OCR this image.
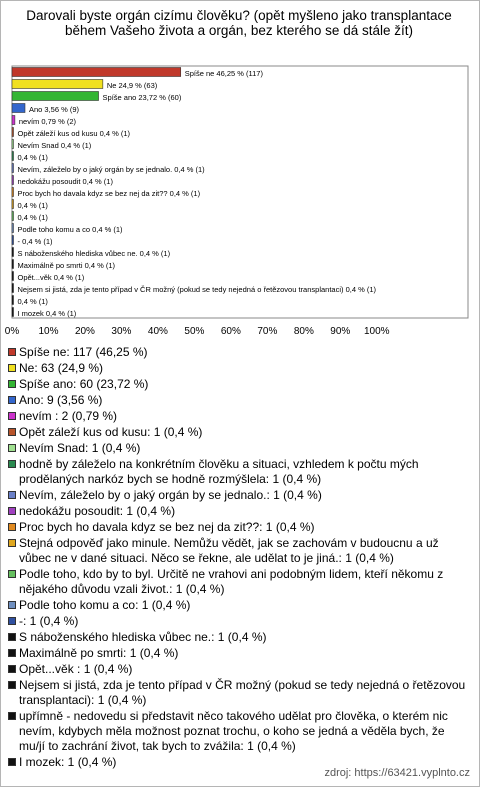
Darovali byste orgán cizímu člověku? (opět myšleno jako transplantace během Vašeho života a orgán, bez kterého se dá stále žít)
Spíše ne 46,25 % (117)
Ne 24,9 % (63)
Spíše ano 23,72 % (60)
Ano 3,56 % (9)
nevím 0,79 % (2)
Opět záleží kus od kusu 0,4 % (1)
Nevím Snad 0,4 % (1)
0,4 % (1)
Nevím, záleželo by o jaký orgán by se jednalo. 0,4 % (1)
nedokážu posoudit 0,4 % (1)
Proc bych ho davala kdyz se bez nej da zit?? 0,4 % (1)
0,4 % (1)
0,4 % (1)
Podle toho komu a co 0,4 % (1)
- 0,4 % (1)
S náboženského hlediska vůbec ne. 0,4 % (1)
Maximálně po smrti 0,4 % (1)
Opět...věk 0,4 % (1)
Nejsem si jistá, zda je tento případ v ČR možný (pokud se tedy nejedná o řetězovou transplantaci) 0,4 % (1)
0,4 % (1)
I mozek 0,4 % (1)
0% 10% 20% 30% 40% 50% 60% 70% 80% 90% 100%
Spíše ne: 117 (46,25 %)
Ne: 63 (24,9 %)
Spíše ano: 60 (23,72 %)
Ano: 9 (3,56 %)
nevím : 2 (0,79 %)
Opět záleží kus od kusu: 1 (0,4 %)
Nevím Snad: 1 (0,4 %)
hodně by záleželo na konkrétním člověku a situaci, vzhledem k počtu mých prodělaných narkóz bych se hodně rozmýšlela: 1 (0,4 %)
Nevím, záleželo by o jaký orgán by se jednalo.: 1 (0,4 %)
nedokážu posoudit: 1 (0,4 %)
Proc bych ho davala kdyz se bez nej da zit??: 1 (0,4 %)
Stejná odpověď jako minule. Nemůžu vědět, jak se zachovám v budoucnu a už vůbec ne v dané situaci. Něco se řekne, ale udělat to je jiná.: 1 (0,4 %)
Podle toho, kdo by to byl. Určitě ne vrahovi ani podobným lidem, kteří někomu z nějakého důvodu vzali život.: 1 (0,4 %)
Podle toho komu a co: 1 (0,4 %)
-: 1 (0,4 %)
S náboženského hlediska vůbec ne.: 1 (0,4 %)
Maximálně po smrti: 1 (0,4 %)
Opět...věk : 1 (0,4 %)
Nejsem si jistá, zda je tento případ v ČR možný (pokud se tedy nejedná o řetězovou transplantaci): 1 (0,4 %)
upřímně - nedovedu si představit něco takového udělat pro člověka, o kterém nic nevím, kdybych měla možnost poznat trochu, o koho se jedná a věděla bych, že mu/jí to zachrání život, tak bych to zvážila: 1 (0,4 %)
I mozek: 1 (0,4 %)
zdroj: https://63421.vyplnto.cz
